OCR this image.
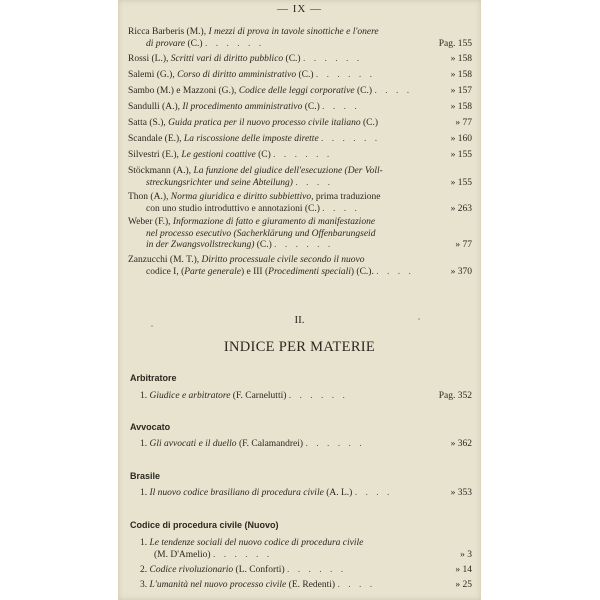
— IX —
Ricca Barberis (M.), I mezzi di prova in tavole sinottiche e l'onere
di provare (C.) . . . . . .	Pag. 155
Rossi (L.), Scritti vari di diritto pubblico (C.) . . . . . .	» 158
Salemi (G.), Corso di diritto amministrativo (C.) . . . . . .	» 158
Sambo (M.) e Mazzoni (G.), Codice delle leggi corporative (C.) . . . .	» 157
Sandulli (A.), Il procedimento amministrativo (C.) . . . .	» 158
Satta (S.), Guida pratica per il nuovo processo civile italiano (C.)	» 77
Scandale (E.), La riscossione delle imposte dirette . . . . . .	» 160
Silvestri (E.), Le gestioni coattive (C) . . . . . .	» 155
Stöckmann (A.), La funzione del giudice dell'esecuzione (Der Voll-
streckungsrichter und seine Abteilung) . . . .	» 155
Thon (A.), Norma giuridica e diritto subbiettivo, prima traduzione
con uno studio introduttivo e annotazioni (C.) . . . .	» 263
Weber (F.), Informazione di fatto e giuramento di manifestazione
nel processo esecutivo (Sacherklärung und Offenbarungseid
in der Zwangsvollstreckung) (C.) . . . . . .	» 77
Zanzucchi (M. T.), Diritto processuale civile secondo il nuovo
codice I, (Parte generale) e III (Procedimenti speciali) (C.). . . . .	» 370
II.
INDICE PER MATERIE
Arbitratore
1. Giudice e arbitratore (F. Carnelutti) . . . . . .	Pag. 352
Avvocato
1. Gli avvocati e il duello (F. Calamandrei) . . . . . .	» 362
Brasile
1. Il nuovo codice brasiliano di procedura civile (A. L.) . . . .	» 353
Codice di procedura civile (Nuovo)
1. Le tendenze sociali del nuovo codice di procedura civile
(M. D'Amelio) . . . . . .	» 3
2. Codice rivoluzionario (L. Conforti) . . . . . .	» 14
3. L'umanità nel nuovo processo civile (E. Redenti) . . . .	» 25
